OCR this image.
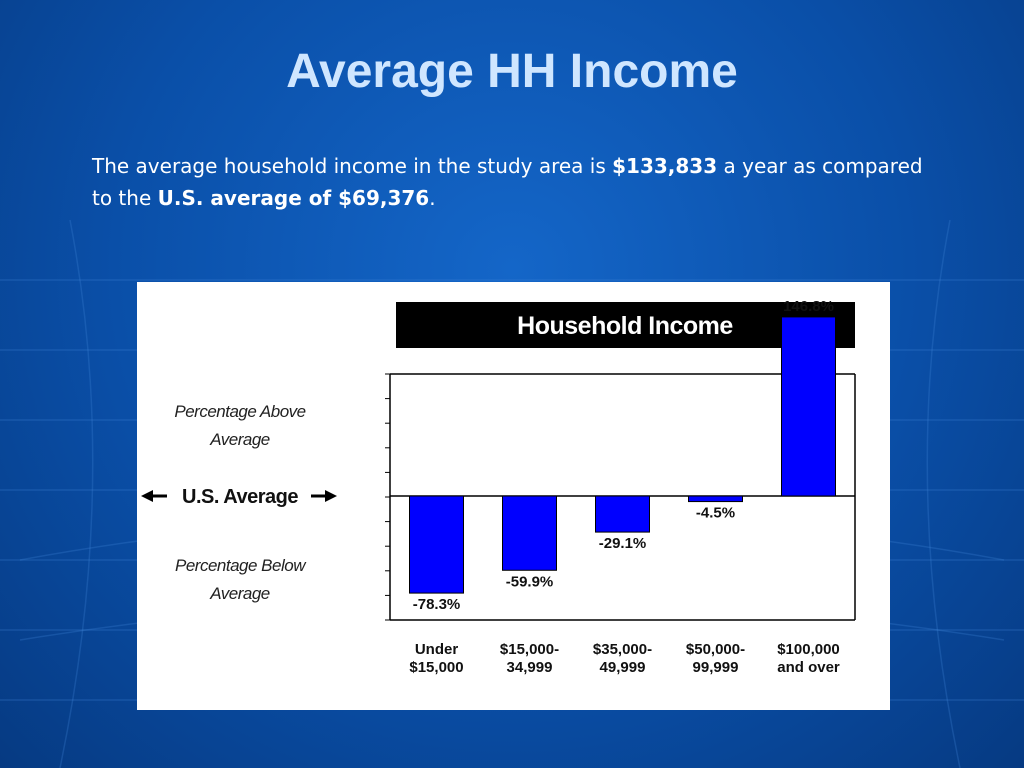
Average HH Income

The average household income in the study area is $133,833 a year as compared to the U.S. average of $69,376.

Household Income
-78.3%
Under
$15,000
-59.9%
$15,000-
34,999
-29.1%
$35,000-
49,999
-4.5%
$50,000-
99,999
146.8%
$100,000
and over
Percentage Above
Average
Percentage Below
Average
U.S. Average
